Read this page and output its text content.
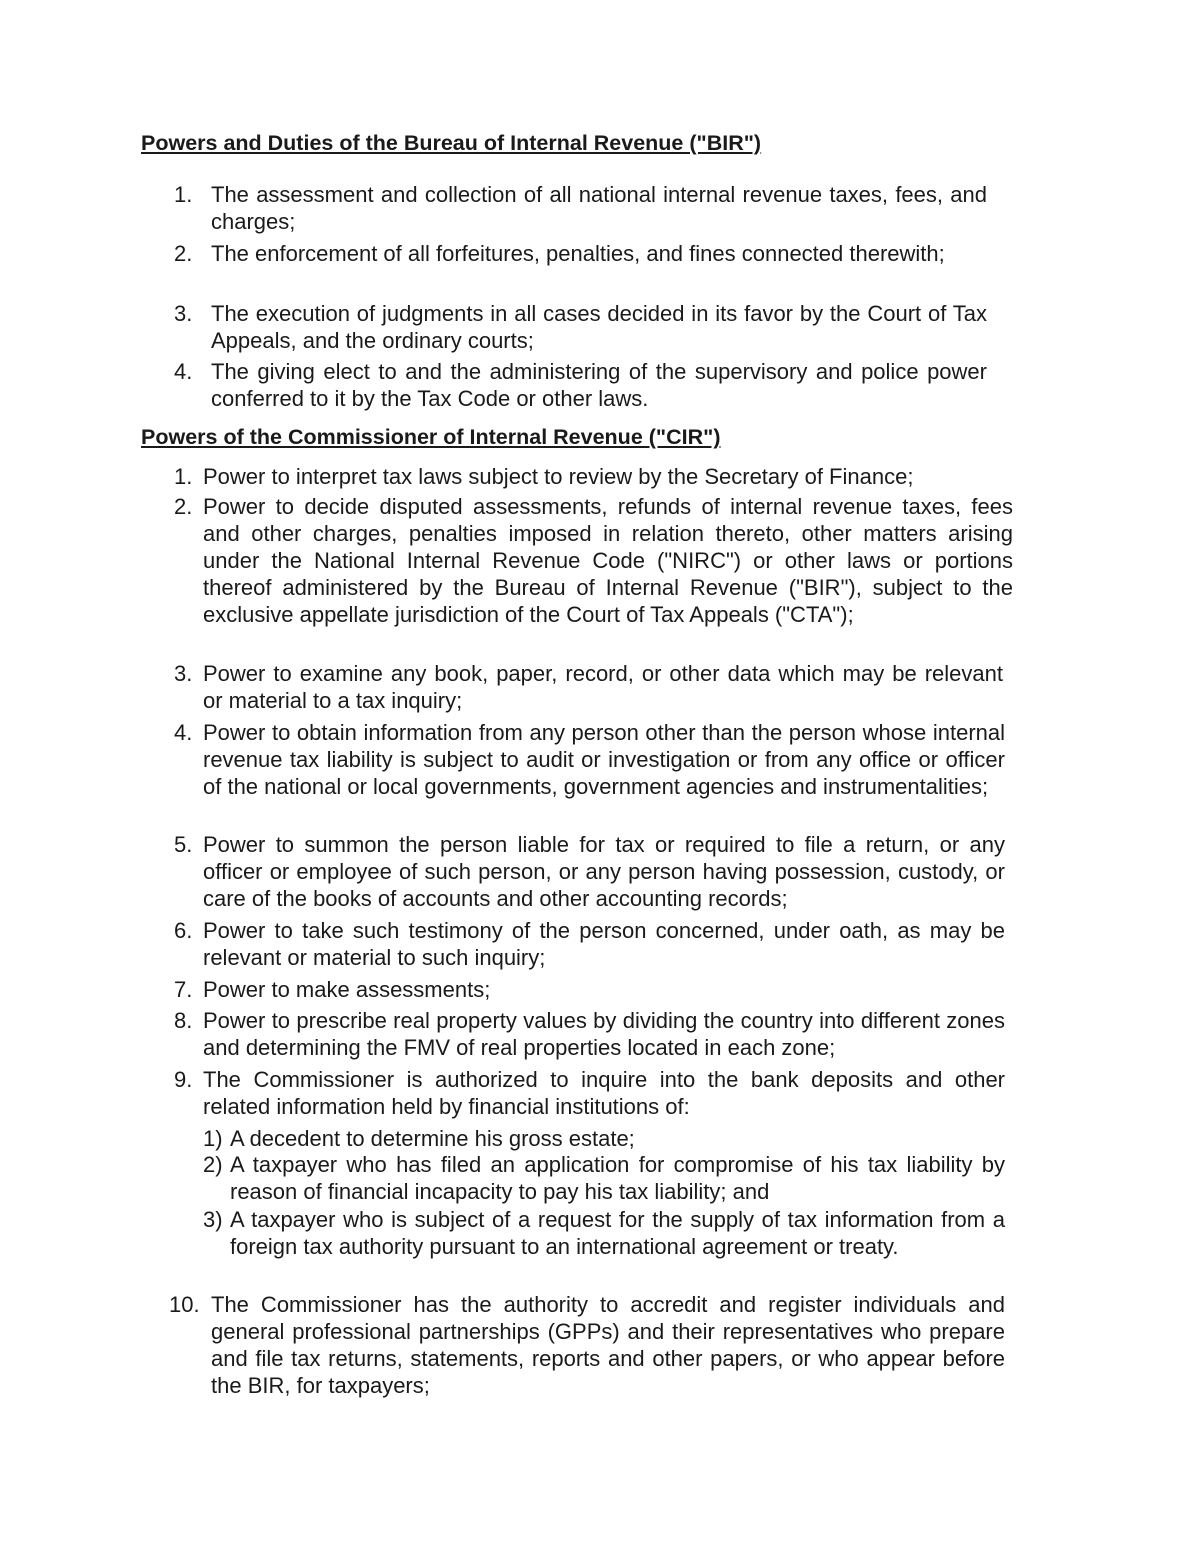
Powers and Duties of the Bureau of Internal Revenue ("BIR")
1. The assessment and collection of all national internal revenue taxes, fees, and charges;
2. The enforcement of all forfeitures, penalties, and fines connected therewith;
3. The execution of judgments in all cases decided in its favor by the Court of Tax Appeals, and the ordinary courts;
4. The giving elect to and the administering of the supervisory and police power conferred to it by the Tax Code or other laws.
Powers of the Commissioner of Internal Revenue ("CIR")
1. Power to interpret tax laws subject to review by the Secretary of Finance;
2. Power to decide disputed assessments, refunds of internal revenue taxes, fees and other charges, penalties imposed in relation thereto, other matters arising under the National Internal Revenue Code ("NIRC") or other laws or portions thereof administered by the Bureau of Internal Revenue ("BIR"), subject to the exclusive appellate jurisdiction of the Court of Tax Appeals ("CTA");
3. Power to examine any book, paper, record, or other data which may be relevant or material to a tax inquiry;
4. Power to obtain information from any person other than the person whose internal revenue tax liability is subject to audit or investigation or from any office or officer of the national or local governments, government agencies and instrumentalities;
5. Power to summon the person liable for tax or required to file a return, or any officer or employee of such person, or any person having possession, custody, or care of the books of accounts and other accounting records;
6. Power to take such testimony of the person concerned, under oath, as may be relevant or material to such inquiry;
7. Power to make assessments;
8. Power to prescribe real property values by dividing the country into different zones and determining the FMV of real properties located in each zone;
9. The Commissioner is authorized to inquire into the bank deposits and other related information held by financial institutions of:
1) A decedent to determine his gross estate;
2) A taxpayer who has filed an application for compromise of his tax liability by reason of financial incapacity to pay his tax liability; and
3) A taxpayer who is subject of a request for the supply of tax information from a foreign tax authority pursuant to an international agreement or treaty.
10. The Commissioner has the authority to accredit and register individuals and general professional partnerships (GPPs) and their representatives who prepare and file tax returns, statements, reports and other papers, or who appear before the BIR, for taxpayers;
